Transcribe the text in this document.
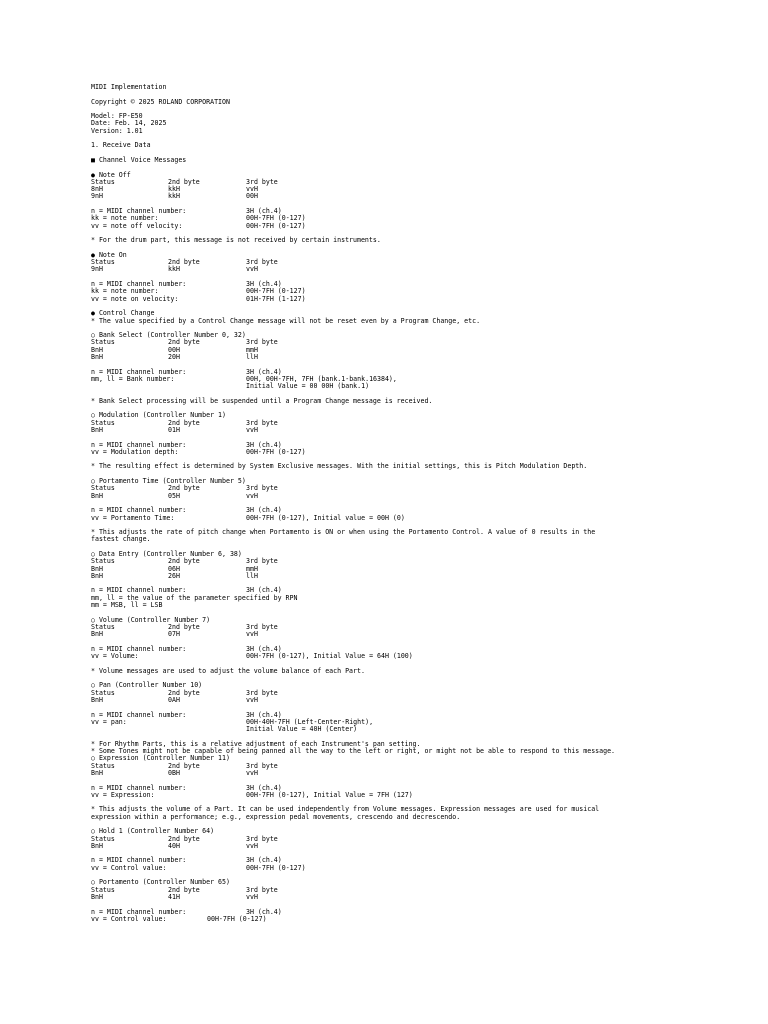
MIDI Implementation
Copyright © 2025 ROLAND CORPORATION
Model: FP-E50
Date: Feb. 14, 2025
Version: 1.01
1. Receive Data
■ Channel Voice Messages
● Note Off
Status	2nd byte	3rd byte
8nH	kkH	vvH
9nH	kkH	00H
n = MIDI channel number:	3H (ch.4)
kk = note number:	00H-7FH (0-127)
vv = note off velocity:	00H-7FH (0-127)
* For the drum part, this message is not received by certain instruments.
● Note On
Status	2nd byte	3rd byte
9nH	kkH	vvH
n = MIDI channel number:	3H (ch.4)
kk = note number:	00H-7FH (0-127)
vv = note on velocity:	01H-7FH (1-127)
● Control Change
* The value specified by a Control Change message will not be reset even by a Program Change, etc.
○ Bank Select (Controller Number 0, 32)
Status	2nd byte	3rd byte
BnH	00H	mmH
BnH	20H	llH
n = MIDI channel number:	3H (ch.4)
mm, ll = Bank number:	00H, 00H-7FH, 7FH (bank.1-bank.16384),
Initial Value = 00 00H (bank.1)
* Bank Select processing will be suspended until a Program Change message is received.
○ Modulation (Controller Number 1)
Status	2nd byte	3rd byte
BnH	01H	vvH
n = MIDI channel number:	3H (ch.4)
vv = Modulation depth:	00H-7FH (0-127)
* The resulting effect is determined by System Exclusive messages. With the initial settings, this is Pitch Modulation Depth.
○ Portamento Time (Controller Number 5)
Status	2nd byte	3rd byte
BnH	05H	vvH
n = MIDI channel number:	3H (ch.4)
vv = Portamento Time:	00H-7FH (0-127), Initial value = 00H (0)
* This adjusts the rate of pitch change when Portamento is ON or when using the Portamento Control. A value of 0 results in the fastest change.
○ Data Entry (Controller Number 6, 38)
Status	2nd byte	3rd byte
BnH	06H	mmH
BnH	26H	llH
n = MIDI channel number:	3H (ch.4)
mm, ll = the value of the parameter specified by RPN
mm = MSB, ll = LSB
○ Volume (Controller Number 7)
Status	2nd byte	3rd byte
BnH	07H	vvH
n = MIDI channel number:	3H (ch.4)
vv = Volume:	00H-7FH (0-127), Initial Value = 64H (100)
* Volume messages are used to adjust the volume balance of each Part.
○ Pan (Controller Number 10)
Status	2nd byte	3rd byte
BnH	0AH	vvH
n = MIDI channel number:	3H (ch.4)
vv = pan:	00H-40H-7FH (Left-Center-Right),
Initial Value = 40H (Center)
* For Rhythm Parts, this is a relative adjustment of each Instrument's pan setting.
* Some Tones might not be capable of being panned all the way to the left or right, or might not be able to respond to this message.
○ Expression (Controller Number 11)
Status	2nd byte	3rd byte
BnH	0BH	vvH
n = MIDI channel number:	3H (ch.4)
vv = Expression:	00H-7FH (0-127), Initial Value = 7FH (127)
* This adjusts the volume of a Part. It can be used independently from Volume messages. Expression messages are used for musical expression within a performance; e.g., expression pedal movements, crescendo and decrescendo.
○ Hold 1 (Controller Number 64)
Status	2nd byte	3rd byte
BnH	40H	vvH
n = MIDI channel number:	3H (ch.4)
vv = Control value:	00H-7FH (0-127)
○ Portamento (Controller Number 65)
Status	2nd byte	3rd byte
BnH	41H	vvH
n = MIDI channel number:	3H (ch.4)
vv = Control value:	00H-7FH (0-127)
